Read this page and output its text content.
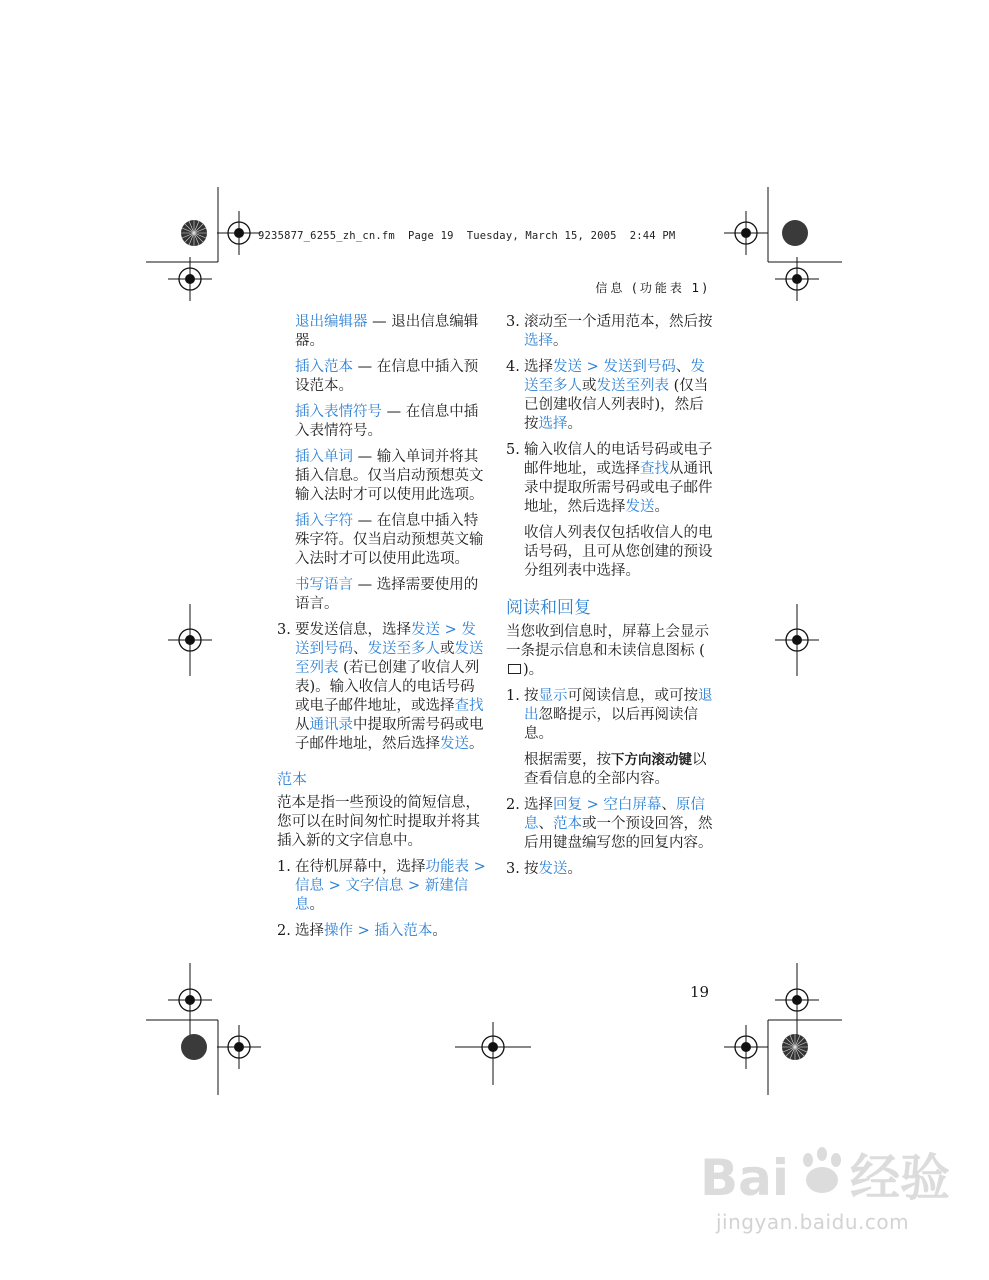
9235877_6255_zh_cn.fm  Page 19  Tuesday, March 15, 2005  2:44 PM
信息 (功能表 1)
退出编辑器 — 退出信息编辑器。
插入范本 — 在信息中插入预设范本。
插入表情符号 — 在信息中插入表情符号。
插入单词 — 输入单词并将其插入信息。仅当启动预想英文输入法时才可以使用此选项。
插入字符 — 在信息中插入特殊字符。仅当启动预想英文输入法时才可以使用此选项。
书写语言 — 选择需要使用的语言。
3. 要发送信息，选择发送 > 发送到号码、发送至多人或发送至列表 (若已创建了收信人列表)。输入收信人的电话号码或电子邮件地址，或选择查找从通讯录中提取所需号码或电子邮件地址，然后选择发送。
范本
范本是指一些预设的简短信息，您可以在时间匆忙时提取并将其插入新的文字信息中。
1. 在待机屏幕中，选择功能表 > 信息 > 文字信息 > 新建信息。
2. 选择操作 > 插入范本。
3. 滚动至一个适用范本，然后按选择。
4. 选择发送 > 发送到号码、发送至多人或发送至列表 (仅当已创建收信人列表时)，然后按选择。
5. 输入收信人的电话号码或电子邮件地址，或选择查找从通讯录中提取所需号码或电子邮件地址，然后选择发送。
收信人列表仅包括收信人的电话号码，且可从您创建的预设分组列表中选择。
阅读和回复
当您收到信息时，屏幕上会显示一条提示信息和未读信息图标 ()。
1. 按显示可阅读信息，或可按退出忽略提示，以后再阅读信息。
根据需要，按下方向滚动键以查看信息的全部内容。
2. 选择回复 > 空白屏幕、原信息、范本或一个预设回答，然后用键盘编写您的回复内容。
3. 按发送。
19
Bai 经验
jingyan.baidu.com
